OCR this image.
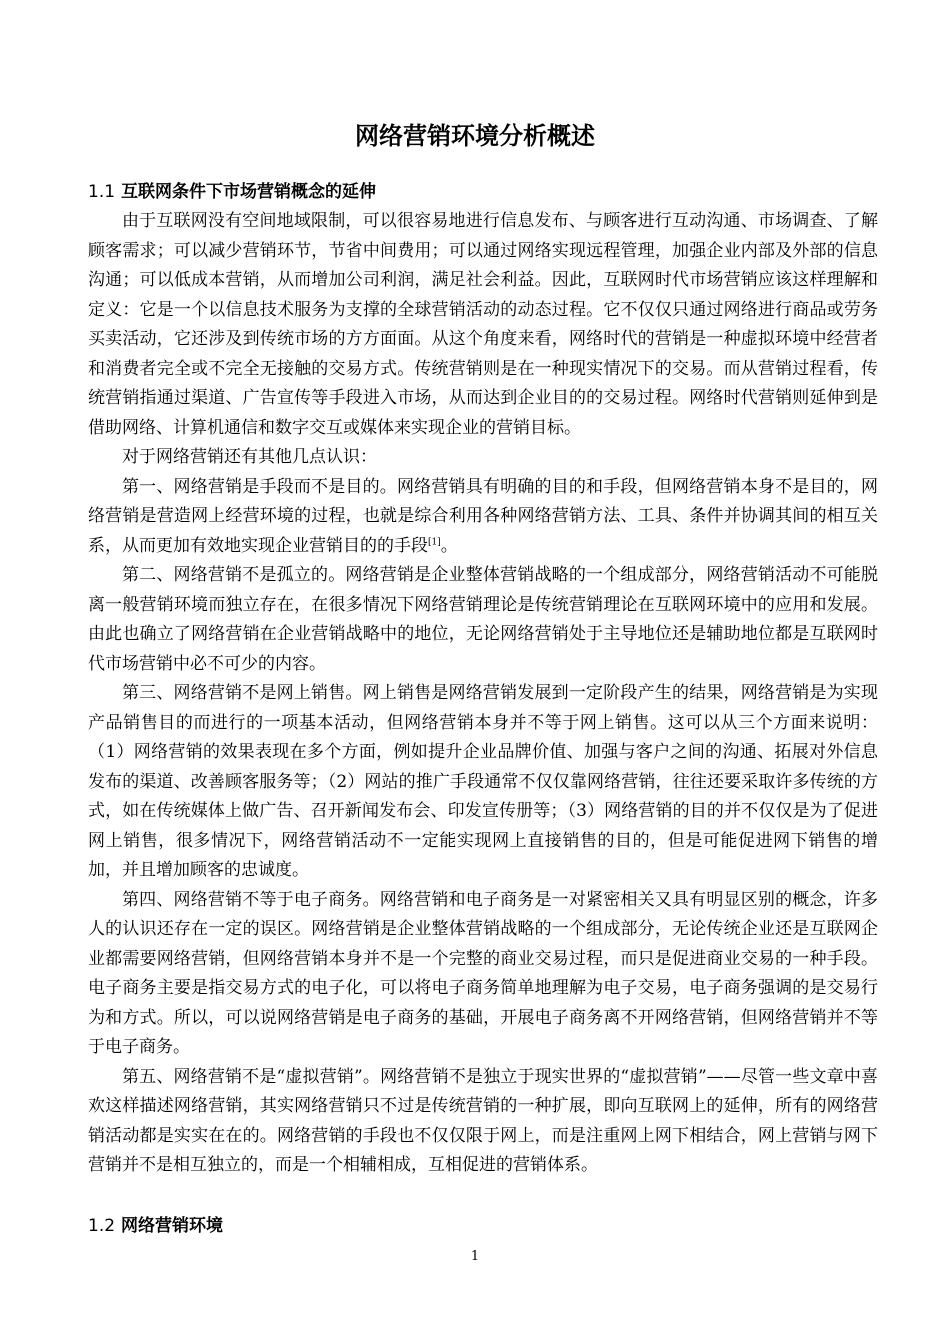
网络营销环境分析概述
1.1 互联网条件下市场营销概念的延伸

由于互联网没有空间地域限制，可以很容易地进行信息发布、与顾客进行互动沟通、市场调查、了解顾客需求；可以减少营销环节，节省中间费用；可以通过网络实现远程管理，加强企业内部及外部的信息沟通；可以低成本营销，从而增加公司利润，满足社会利益。因此，互联网时代市场营销应该这样理解和定义：它是一个以信息技术服务为支撑的全球营销活动的动态过程。它不仅仅只通过网络进行商品或劳务买卖活动，它还涉及到传统市场的方方面面。从这个角度来看，网络时代的营销是一种虚拟环境中经营者和消费者完全或不完全无接触的交易方式。传统营销则是在一种现实情况下的交易。而从营销过程看，传统营销指通过渠道、广告宣传等手段进入市场，从而达到企业目的的交易过程。网络时代营销则延伸到是借助网络、计算机通信和数字交互或媒体来实现企业的营销目标。

对于网络营销还有其他几点认识：

第一、网络营销是手段而不是目的。网络营销具有明确的目的和手段，但网络营销本身不是目的，网络营销是营造网上经营环境的过程，也就是综合利用各种网络营销方法、工具、条件并协调其间的相互关系，从而更加有效地实现企业营销目的的手段[1]。

第二、网络营销不是孤立的。网络营销是企业整体营销战略的一个组成部分，网络营销活动不可能脱离一般营销环境而独立存在，在很多情况下网络营销理论是传统营销理论在互联网环境中的应用和发展。由此也确立了网络营销在企业营销战略中的地位，无论网络营销处于主导地位还是辅助地位都是互联网时代市场营销中必不可少的内容。

第三、网络营销不是网上销售。网上销售是网络营销发展到一定阶段产生的结果，网络营销是为实现产品销售目的而进行的一项基本活动，但网络营销本身并不等于网上销售。这可以从三个方面来说明：（1）网络营销的效果表现在多个方面，例如提升企业品牌价值、加强与客户之间的沟通、拓展对外信息发布的渠道、改善顾客服务等；（2）网站的推广手段通常不仅仅靠网络营销，往往还要采取许多传统的方式，如在传统媒体上做广告、召开新闻发布会、印发宣传册等；（3）网络营销的目的并不仅仅是为了促进网上销售，很多情况下，网络营销活动不一定能实现网上直接销售的目的，但是可能促进网下销售的增加，并且增加顾客的忠诚度。

第四、网络营销不等于电子商务。网络营销和电子商务是一对紧密相关又具有明显区别的概念，许多人的认识还存在一定的误区。网络营销是企业整体营销战略的一个组成部分，无论传统企业还是互联网企业都需要网络营销，但网络营销本身并不是一个完整的商业交易过程，而只是促进商业交易的一种手段。电子商务主要是指交易方式的电子化，可以将电子商务简单地理解为电子交易，电子商务强调的是交易行为和方式。所以，可以说网络营销是电子商务的基础，开展电子商务离不开网络营销，但网络营销并不等于电子商务。

第五、网络营销不是“虚拟营销”。网络营销不是独立于现实世界的“虚拟营销”——尽管一些文章中喜欢这样描述网络营销，其实网络营销只不过是传统营销的一种扩展，即向互联网上的延伸，所有的网络营销活动都是实实在在的。网络营销的手段也不仅仅限于网上，而是注重网上网下相结合，网上营销与网下营销并不是相互独立的，而是一个相辅相成，互相促进的营销体系。

1.2 网络营销环境
1
